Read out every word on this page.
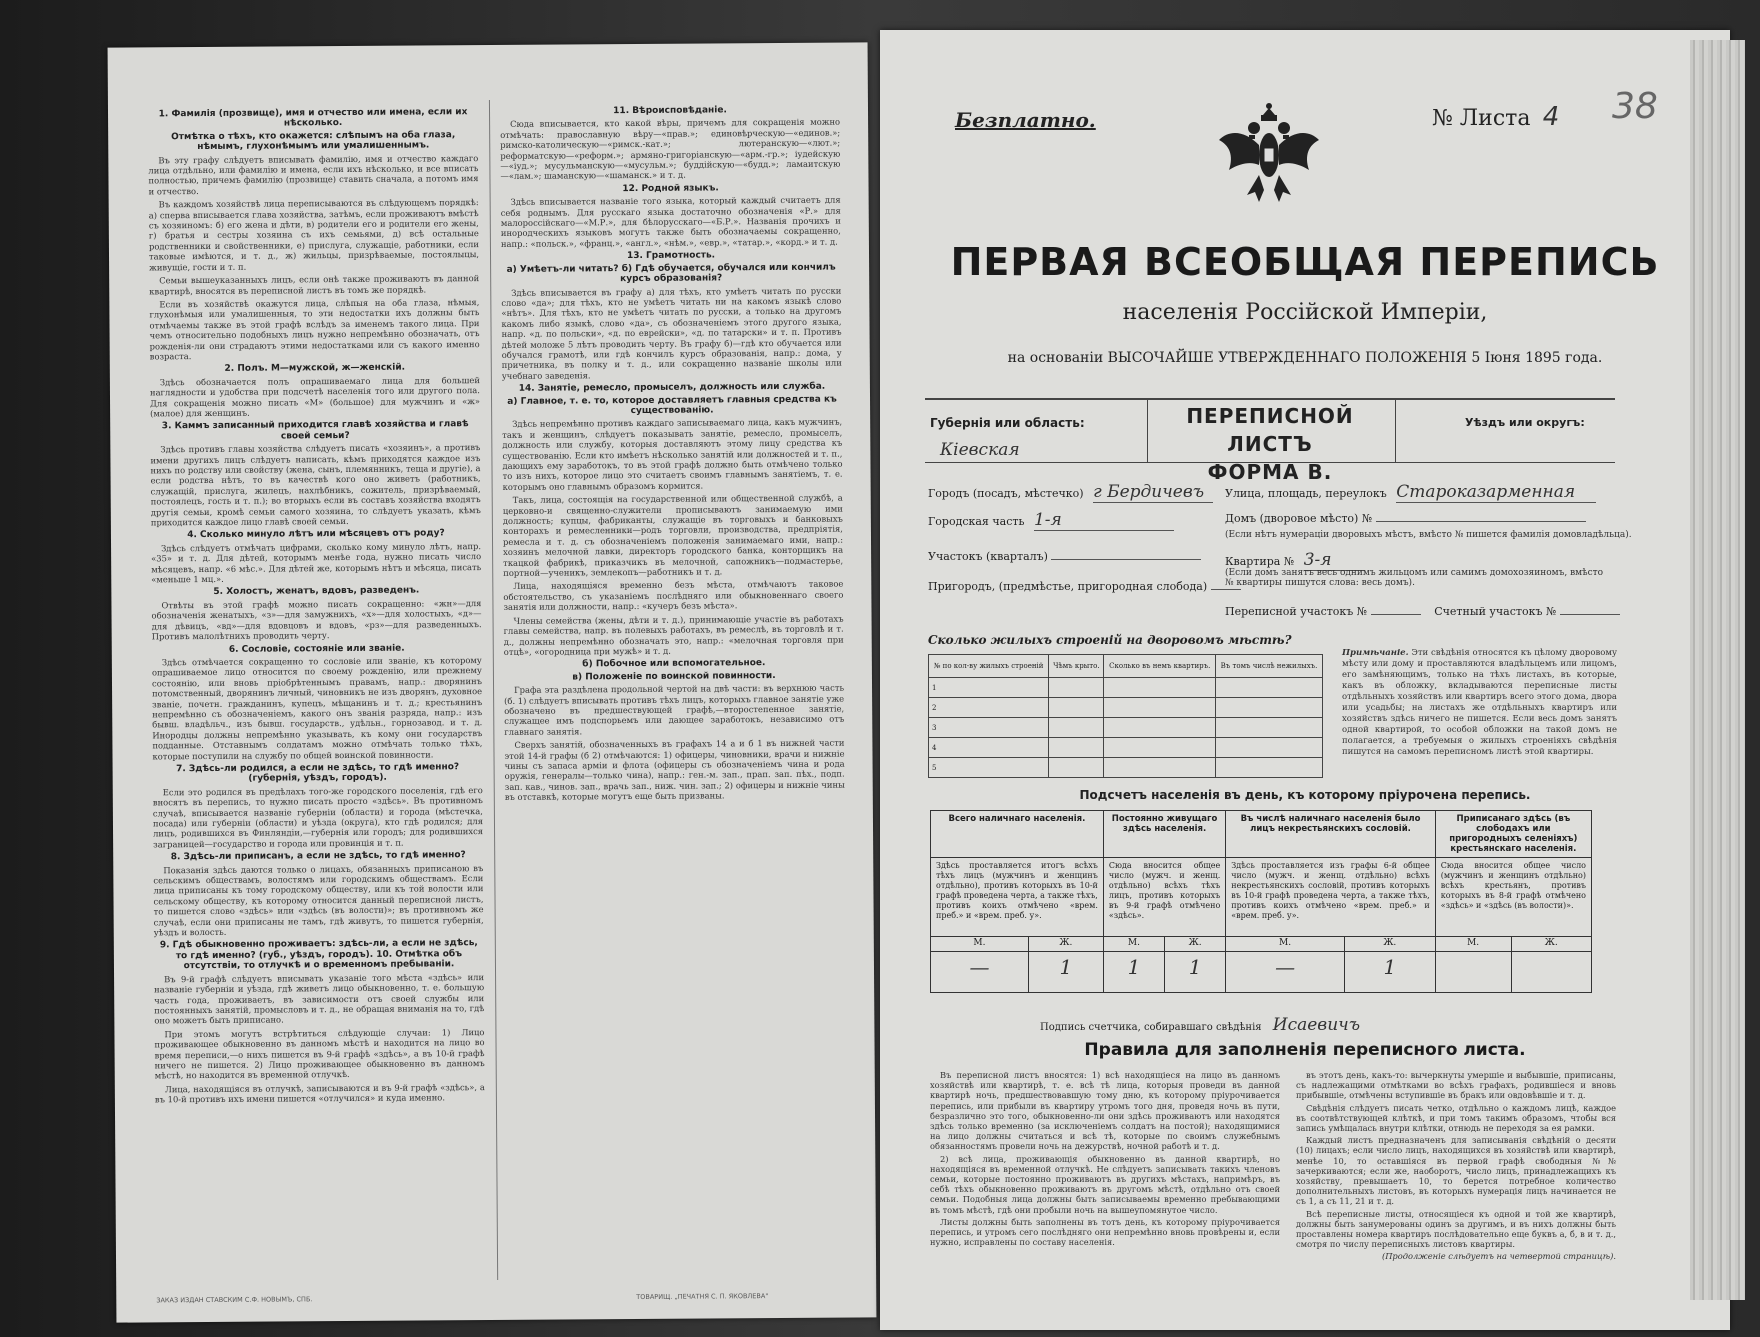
1. Фамилія (прозвище), имя и отчество или имена, если их нѣсколько.
Отмѣтка о тѣхъ, кто окажется: слѣпымъ на оба глаза, нѣмымъ, глухонѣмымъ или умалишеннымъ.

Въ эту графу слѣдуетъ вписывать фамилію, имя и отчество каждаго лица отдѣльно, или фамилію и имена, если ихъ нѣсколько, и все вписать полностью, причемъ фамилію (прозвище) ставить сначала, а потомъ имя и отчество.

Въ каждомъ хозяйствѣ лица переписываются въ слѣдующемъ порядкѣ: а) сперва вписывается глава хозяйства, затѣмъ, если проживаютъ вмѣстѣ съ хозяиномъ: б) его жена и дѣти, в) родители его и родители его жены, г) братья и сестры хозяина съ ихъ семьями, д) всѣ остальные родственники и свойственники, е) прислуга, служащіе, работники, если таковые имѣются, и т. д., ж) жильцы, призрѣваемые, постоялыцы, живущіе, гости и т. п.

Семьи вышеуказанныхъ лицъ, если онѣ также проживаютъ въ данной квартирѣ, вносятся въ переписной листъ въ томъ же порядкѣ.

Если въ хозяйствѣ окажутся лица, слѣпыя на оба глаза, нѣмыя, глухонѣмыя или умалишенныя, то эти недостатки ихъ должны быть отмѣчаемы также въ этой графѣ вслѣдъ за именемъ такого лица. При чемъ относительно подобныхъ лицъ нужно непремѣнно обозначать, отъ рожденія-ли они страдаютъ этими недостатками или съ какого именно возраста.

2. Полъ. М—мужской, ж—женскій.

Здѣсь обозначается полъ опрашиваемаго лица для большей наглядности и удобства при подсчетѣ населенія того или другого пола. Для сокращенія можно писать «М» (большое) для мужчинъ и «ж» (малое) для женщинъ.

3. Каммъ записанный приходится главѣ хозяйства и главѣ своей семьи?

Здѣсь противъ главы хозяйства слѣдуетъ писать «хозяинъ», а противъ имени другихъ лицъ слѣдуетъ написать, кѣмъ приходятся каждое изъ нихъ по родству или свойству (жена, сынъ, племянникъ, теща и другіе), а если родства нѣтъ, то въ качествѣ кого оно живетъ (работникъ, служащій, прислуга, жилецъ, нахлѣбникъ, сожитель, призрѣваемый, постоялецъ, гость и т. п.); во вторыхъ если въ составъ хозяйства входятъ другія семьи, кромѣ семьи самого хозяина, то слѣдуетъ указать, кѣмъ приходится каждое лицо главѣ своей семьи.

4. Сколько минуло лѣтъ или мѣсяцевъ отъ роду?

Здѣсь слѣдуетъ отмѣчать цифрами, сколько кому минуло лѣтъ, напр. «35» и т. д. Для дѣтей, которымъ менѣе года, нужно писать число мѣсяцевъ, напр. «6 мѣс.». Для дѣтей же, которымъ нѣтъ и мѣсяца, писать «меньше 1 мц.».

5. Холостъ, женатъ, вдовъ, разведенъ.

Отвѣты въ этой графѣ можно писать сокращенно: «жн»—для обозначенія женатыхъ, «з»—для замужнихъ, «х»—для холостыхъ, «д»—для дѣвицъ, «вд»—для вдовцовъ и вдовъ, «рз»—для разведенныхъ. Противъ малолѣтнихъ проводить черту.

6. Сословіе, состояніе или званіе.

Здѣсь отмѣчается сокращенно то сословіе или званіе, къ которому опрашиваемое лицо относится по своему рожденію, или прежнему состоянію, или вновь пріобрѣтеннымъ правамъ, напр.: дворянинъ потомственный, дворянинъ личный, чиновникъ не изъ дворянъ, духовное званіе, почетн. гражданинъ, купецъ, мѣщанинъ и т. д.; крестьянинъ непремѣнно съ обозначеніемъ, какого онъ званія разряда, напр.: изъ бывш. владѣльч., изъ бывш. государств., удѣльн., горнозавод. и т. д. Инородцы должны непремѣнно указывать, къ кому они государствъ подданные. Отставнымъ солдатамъ можно отмѣчать только тѣхъ, которые поступили на службу по общей воинской повинности.

7. Здѣсь-ли родился, а если не здѣсь, то гдѣ именно? (губернія, уѣздъ, городъ).

Если это родился въ предѣлахъ того-же городского поселенія, гдѣ его вносятъ въ перепись, то нужно писать просто «здѣсь». Въ противномъ случаѣ, вписывается названіе губерніи (области) и города (мѣстечка, посада) или губерніи (области) и уѣзда (округа), кто гдѣ родился; для лицъ, родившихся въ Финляндіи,—губернія или городъ; для родившихся заграницей—государство и города или провинція и т. п.

8. Здѣсь-ли приписанъ, а если не здѣсь, то гдѣ именно?

Показанія здѣсь даются только о лицахъ, обязанныхъ приписаною въ сельскимъ обществамъ, волостямъ или городскимъ обществамъ. Если лица приписаны къ тому городскому обществу, или къ той волости или сельскому обществу, къ которому относится данный переписной листъ, то пишется слово «здѣсь» или «здѣсь (въ волости)»; въ противномъ же случаѣ, если они приписаны не тамъ, гдѣ живутъ, то пишется губернія, уѣздъ и волость.

9. Гдѣ обыкновенно проживаетъ: здѣсь-ли, а если не здѣсь, то гдѣ именно? (губ., уѣздъ, городъ). 10. Отмѣтка объ отсутствіи, то отлучкѣ и о временномъ пребываніи.

Въ 9-й графѣ слѣдуетъ вписывать указаніе того мѣста «здѣсь» или названіе губерніи и уѣзда, гдѣ живетъ лицо обыкновенно, т. е. большую часть года, проживаетъ, въ зависимости отъ своей службы или постоянныхъ занятій, промысловъ и т. д., не обращая вниманія на то, гдѣ оно можетъ быть приписано.

При этомъ могутъ встрѣтиться слѣдующіе случаи: 1) Лицо проживающее обыкновенно въ данномъ мѣстѣ и находится на лицо во время переписи,—о нихъ пишется въ 9-й графѣ «здѣсь», а въ 10-й графѣ ничего не пишется. 2) Лицо проживающее обыкновенно въ данномъ мѣстѣ, но находится въ временной отлучкѣ.

Лица, находящіяся въ отлучкѣ, записываются и въ 9-й графѣ «здѣсь», а въ 10-й противъ ихъ имени пишется «отлучился» и куда именно.

11. Вѣроисповѣданіе.

Сюда вписывается, кто какой вѣры, причемъ для сокращенія можно отмѣчать: православную вѣру—«прав.»; единовѣрческую—«единов.»; римско-католическую—«римск.-кат.»; лютеранскую—«лют.»; реформатскую—«реформ.»; армяно-григоріанскую—«арм.-гр.»; іудейскую—«іуд.»; мусульманскую—«мусульм.»; буддійскую—«будд.»; ламаитскую—«лам.»; шаманскую—«шаманск.» и т. д.

12. Родной языкъ.

Здѣсь вписывается названіе того языка, который каждый считаетъ для себя роднымъ. Для русскаго языка достаточно обозначенія «Р.» для малороссійскаго—«М.Р.», для бѣлорусскаго—«Б.Р.». Названія прочихъ и инородческихъ языковъ могутъ также быть обозначаемы сокращенно, напр.: «польск.», «франц.», «англ.», «нѣм.», «евр.», «татар.», «корд.» и т. д.

13. Грамотность.
а) Умѣетъ-ли читать? б) Гдѣ обучается, обучался или кончилъ курсъ образованія?

Здѣсь вписывается въ графу а) для тѣхъ, кто умѣетъ читать по русски слово «да»; для тѣхъ, кто не умѣетъ читать ни на какомъ языкѣ слово «нѣтъ». Для тѣхъ, кто не умѣетъ читать по русски, а только на другомъ какомъ либо языкѣ, слово «да», съ обозначеніемъ этого другого языка, напр. «д. по польски», «д. по еврейски», «д. по татарски» и т. п. Противъ дѣтей моложе 5 лѣтъ проводить черту. Въ графу б)—гдѣ кто обучается или обучался грамотѣ, или гдѣ кончилъ курсъ образованія, напр.: дома, у причетника, въ полку и т. д., или сокращенно названіе школы или учебнаго заведенія.

14. Занятіе, ремесло, промыселъ, должность или служба.
а) Главное, т. е. то, которое доставляетъ главныя средства къ существованію.

Здѣсь непремѣнно противъ каждаго записываемаго лица, какъ мужчинъ, такъ и женщинъ, слѣдуетъ показывать занятіе, ремесло, промыселъ, должность или службу, которыя доставляютъ этому лицу средства къ существованію. Если кто имѣетъ нѣсколько занятій или должностей и т. п., дающихъ ему заработокъ, то въ этой графѣ должно быть отмѣчено только то изъ нихъ, которое лицо это считаетъ своимъ главнымъ занятіемъ, т. е. которымъ оно главнымъ образомъ кормится.

Такъ, лица, состоящія на государственной или общественной службѣ, а церковно-и священно-служители прописываютъ занимаемую ими должность; купцы, фабриканты, служащіе въ торговыхъ и банковыхъ конторахъ и ремесленники—родъ торговли, производства, предпріятія, ремесла и т. д. съ обозначеніемъ положенія занимаемаго ими, напр.: хозяинъ мелочной лавки, директоръ городского банка, конторщикъ на ткацкой фабрикѣ, приказчикъ въ мелочной, сапожникъ—подмастерье, портной—ученикъ, землекопъ—работникъ и т. д.

Лица, находящіяся временно безъ мѣста, отмѣчаютъ таковое обстоятельство, съ указаніемъ послѣдняго или обыкновеннаго своего занятія или должности, напр.: «кучеръ безъ мѣста».

Члены семейства (жены, дѣти и т. д.), принимающіе участіе въ работахъ главы семейства, напр. въ полевыхъ работахъ, въ ремеслѣ, въ торговлѣ и т. д., должны непремѣнно обозначать это, напр.: «мелочная торговля при отцѣ», «огородница при мужѣ» и т. д.

б) Побочное или вспомогательное.
в) Положеніе по воинской повинности.

Графа эта раздѣлена продольной чертой на двѣ части: въ верхнюю часть (б. 1) слѣдуетъ вписывать противъ тѣхъ лицъ, которыхъ главное занятіе уже обозначено въ предшествующей графѣ,—второстепенное занятіе, служащее имъ подспорьемъ или дающее заработокъ, независимо отъ главнаго занятія.

Сверхъ занятій, обозначенныхъ въ графахъ 14 а и б 1 въ нижней части этой 14-й графы (б 2) отмѣчаются: 1) офицеры, чиновники, врачи и нижніе чины съ запаса арміи и флота (офицеры съ обозначеніемъ чина и рода оружія, генералы—только чина), напр.: ген.-м. зап., прап. зап. пѣх., подп. зап. кав., чинов. зап., врачь зап., ниж. чин. зап.; 2) офицеры и нижніе чины въ отставкѣ, которые могутъ еще быть призваны.

ЗАКАЗ ИЗДАН СТАВСКИМ С.Ф. НОВЫМЪ, СПБ.	ТОВАРИЩ. „ПЕЧАТНЯ С. П. ЯКОВЛЕВА"
Безплатно.	№ Листа 4 38
ПЕРВАЯ ВСЕОБЩАЯ ПЕРЕПИСЬ
населенія Россійской Имперіи,
на основаніи ВЫСОЧАЙШЕ УТВЕРЖДЕННАГО ПОЛОЖЕНІЯ 5 Іюня 1895 года.
Губернія или область:
Кіевская
ПЕРЕПИСНОЙ ЛИСТЪ
ФОРМА В.
Уѣздъ или округъ:
Городъ (посадъ, мѣстечко) г Бердичевъ	Улица, площадь, переулокъ Староказарменная
Городская часть 1-я	Домъ (дворовое мѣсто) №
(Если нѣтъ нумераціи дворовыхъ мѣстъ, вмѣсто № пишется фамилія домовладѣльца).
Участокъ (кварталъ)	Квартира № 3-я
(Если домъ занятъ весь однимъ жильцомъ или самимъ домохозяиномъ, вмѣсто № квартиры пишутся слова: весь домъ).
Пригородъ, (предмѣстье, пригородная слобода)
Переписной участокъ №	Счетный участокъ №
Сколько жилыхъ строеній на дворовомъ мѣстѣ?
№ по кол-ву жилыхъ строеній	Чѣмъ крыто.	Сколько въ немъ квартиръ.	Въ томъ числѣ нежилыхъ.
1			
2			
3			
4			
5			
Примѣчаніе. Эти свѣдѣнія относятся къ цѣлому дворовому мѣсту или дому и проставляются владѣльцемъ или лицомъ, его замѣняющимъ, только на тѣхъ листахъ, въ которые, какъ въ обложку, вкладываются переписные листы отдѣльныхъ хозяйствъ или квартиръ всего этого дома, двора или усадьбы; на листахъ же отдѣльныхъ квартиръ или хозяйствъ здѣсь ничего не пишется. Если весь домъ занятъ одной квартирой, то особой обложки на такой домъ не полагается, а требуемыя о жилыхъ строеніяхъ свѣдѣнія пишутся на самомъ переписномъ листѣ этой квартиры.
Подсчетъ населенія въ день, къ которому пріурочена перепись.
Всего наличнаго населенія.		Постоянно живущаго здѣсь населенія.		Въ числѣ наличнаго населенія было лицъ некрестьянскихъ сословій.		Приписанаго здѣсь (въ слободахъ или пригородныхъ селеніяхъ) крестьянскаго населенія.	
Здѣсь проставляется итогъ всѣхъ тѣхъ лицъ (мужчинъ и женщинъ отдѣльно), противъ которыхъ въ 10-й графѣ проведена черта, а также тѣхъ, противъ коихъ отмѣчено «врем. преб.» и «врем. преб. у».		Сюда вносится общее число (мужч. и женщ. отдѣльно) всѣхъ тѣхъ лицъ, противъ которыхъ въ 9-й графѣ отмѣчено «здѣсь».		Здѣсь проставляется изъ графы 6-й общее число (мужч. и женщ. отдѣльно) всѣхъ некрестьянскихъ сословій, противъ которыхъ въ 10-й графѣ проведена черта, а также тѣхъ, противъ коихъ отмѣчено «врем. преб.» и «врем. преб. у».		Сюда вносится общее число (мужчинъ и женщинъ отдѣльно) всѣхъ крестьянъ, противъ которыхъ въ 8-й графѣ отмѣчено «здѣсь» и «здѣсь (въ волости)».	
М.	Ж.	М.	Ж.	М.	Ж.	М.	Ж.
—	1	1	1	—	1		
Подпись счетчика, собиравшаго свѣдѣнія Исаевичъ
Правила для заполненія переписного листа.

Въ переписной листъ вносятся: 1) всѣ находящіеся на лицо въ данномъ хозяйствѣ или квартирѣ, т. е. всѣ тѣ лица, которыя проведи въ данной квартирѣ ночь, предшествовавшую тому дню, къ которому пріурочивается перепись, или прибыли въ квартиру утромъ того дня, проведя ночь въ пути, безразлично это того, обыкновенно-ли они здѣсь проживаютъ или находятся здѣсь только временно (за исключеніемъ солдатъ на постой); находящимися на лицо должны считаться и всѣ тѣ, которые по своимъ служебнымъ обязанностямъ провели ночь на дежурствѣ, ночной работѣ и т. д.

2) всѣ лица, проживающія обыкновенно въ данной квартирѣ, но находящіяся въ временной отлучкѣ. Не слѣдуетъ записывать такихъ членовъ семьи, которые постоянно проживаютъ въ другихъ мѣстахъ, напримѣръ, въ себѣ тѣхъ обыкновенно проживаютъ въ другомъ мѣстѣ, отдѣльно отъ своей семьи. Подобныя лица должны быть записываемы временно пребывающими въ томъ мѣстѣ, гдѣ они пробыли ночь на вышеупомянутое число.

Листы должны быть заполнены въ тотъ день, къ которому пріурочивается перепись, и утромъ сего послѣдняго они непремѣнно вновь провѣрены и, если нужно, исправлены по составу населенія.

въ этотъ день, какъ-то: вычеркнуты умершіе и выбывшіе, приписаны, съ надлежащими отмѣтками во всѣхъ графахъ, родившіеся и вновь прибывшіе, отмѣчены вступившіе въ бракъ или овдовѣвшіе и т. д.

Свѣдѣнія слѣдуетъ писать четко, отдѣльно о каждомъ лицѣ, каждое въ соотвѣтствующей клѣткѣ, и при томъ такимъ образомъ, чтобы вся запись умѣщалась внутри клѣтки, отнюдь не переходя за ея рамки.

Каждый листъ предназначенъ для записыванія свѣдѣній о десяти (10) лицахъ; если число лицъ, находящихся въ хозяйствѣ или квартирѣ, менѣе 10, то оставшіяся въ первой графѣ свободныя №№ зачеркиваются; если же, наоборотъ, число лицъ, принадлежащихъ къ хозяйству, превышаетъ 10, то берется потребное количество дополнительныхъ листовъ, въ которыхъ нумерація лицъ начинается не съ 1, а съ 11, 21 и т. д.

Всѣ переписные листы, относящіеся къ одной и той же квартирѣ, должны быть занумерованы одинъ за другимъ, и въ нихъ должны быть проставлены номера квартиръ послѣдовательно еще буквъ а, б, в и т. д., смотря по числу переписныхъ листовъ квартиры.

(Продолженіе слѣдуетъ на четвертой страницѣ).
